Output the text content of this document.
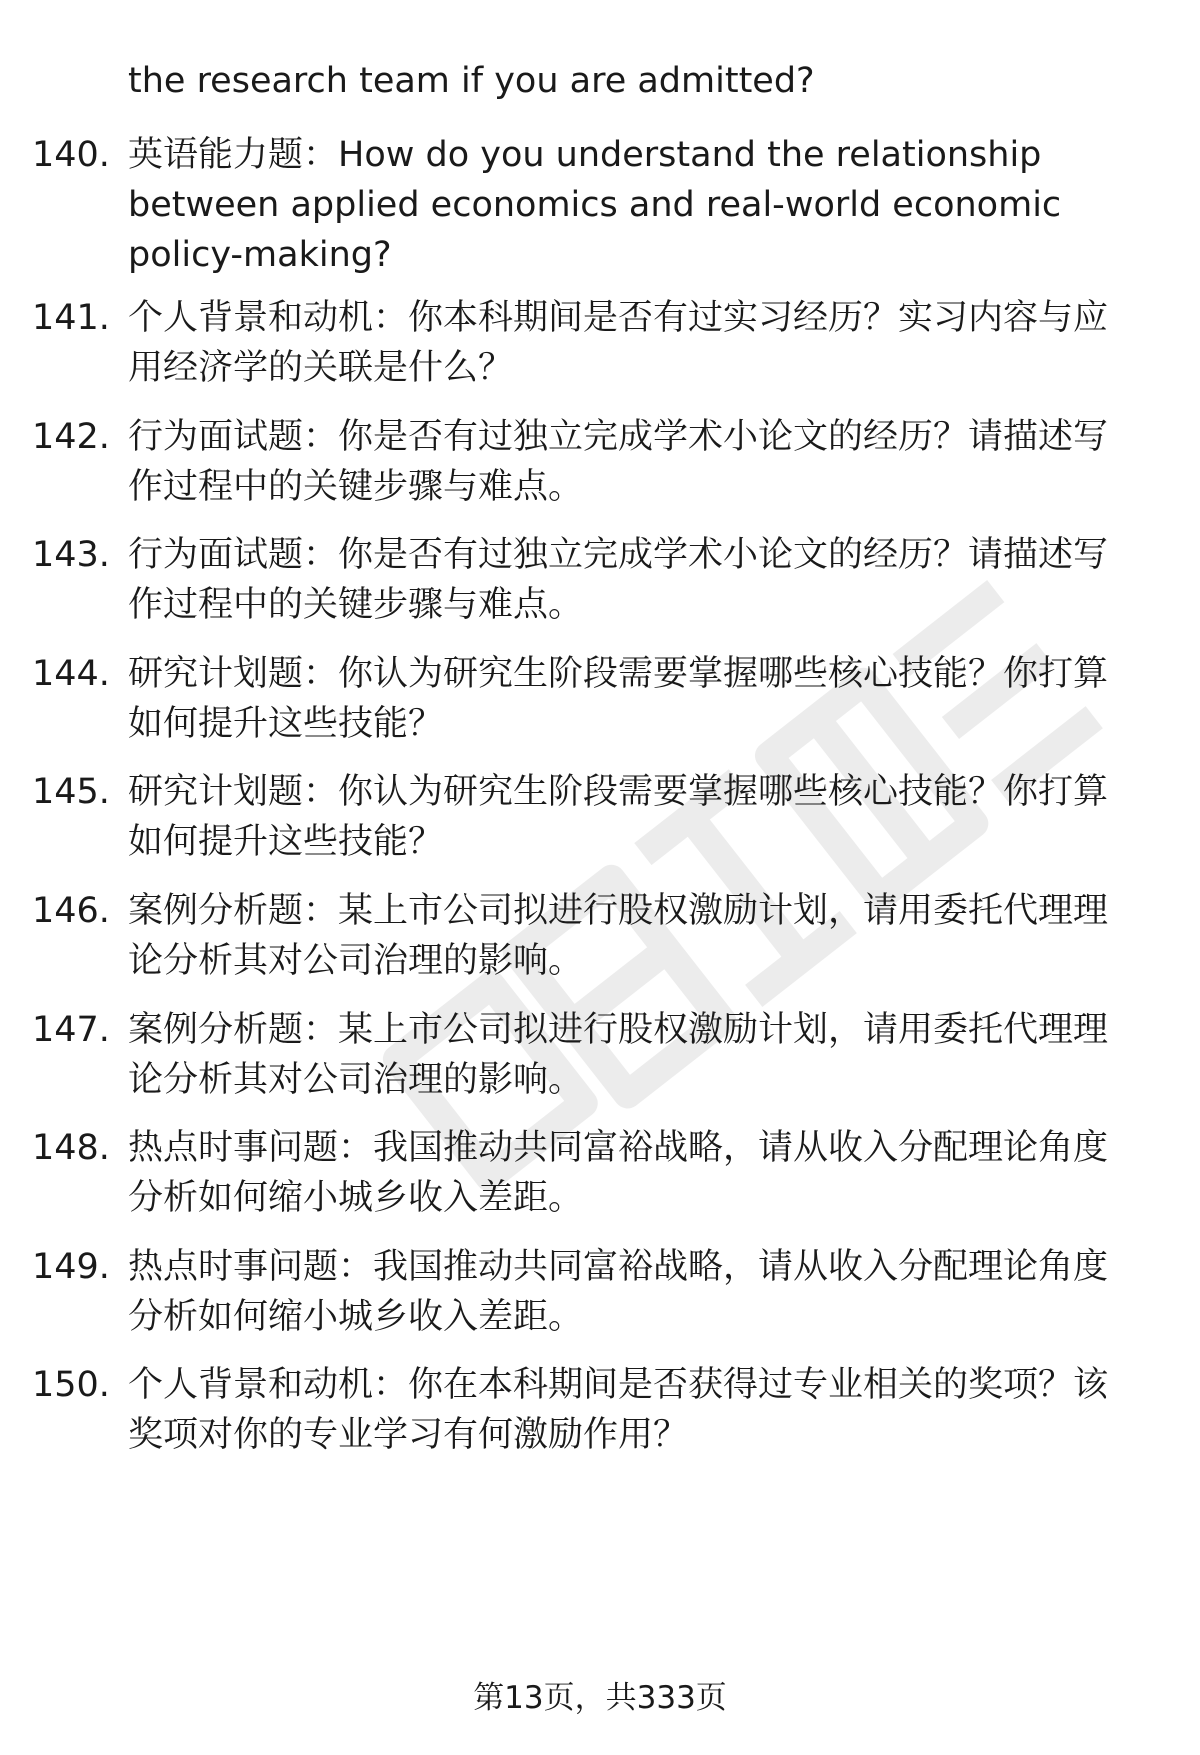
the research team if you are admitted?
140. 英语能力题：How do you understand the relationship between applied economics and real-world economic policy-making?
141. 个人背景和动机：你本科期间是否有过实习经历？实习内容与应用经济学的关联是什么？
142. 行为面试题：你是否有过独立完成学术小论文的经历？请描述写作过程中的关键步骤与难点。
143. 行为面试题：你是否有过独立完成学术小论文的经历？请描述写作过程中的关键步骤与难点。
144. 研究计划题：你认为研究生阶段需要掌握哪些核心技能？你打算如何提升这些技能？
145. 研究计划题：你认为研究生阶段需要掌握哪些核心技能？你打算如何提升这些技能？
146. 案例分析题：某上市公司拟进行股权激励计划，请用委托代理理论分析其对公司治理的影响。
147. 案例分析题：某上市公司拟进行股权激励计划，请用委托代理理论分析其对公司治理的影响。
148. 热点时事问题：我国推动共同富裕战略，请从收入分配理论角度分析如何缩小城乡收入差距。
149. 热点时事问题：我国推动共同富裕战略，请从收入分配理论角度分析如何缩小城乡收入差距。
150. 个人背景和动机：你在本科期间是否获得过专业相关的奖项？该奖项对你的专业学习有何激励作用？
第13页，共333页
